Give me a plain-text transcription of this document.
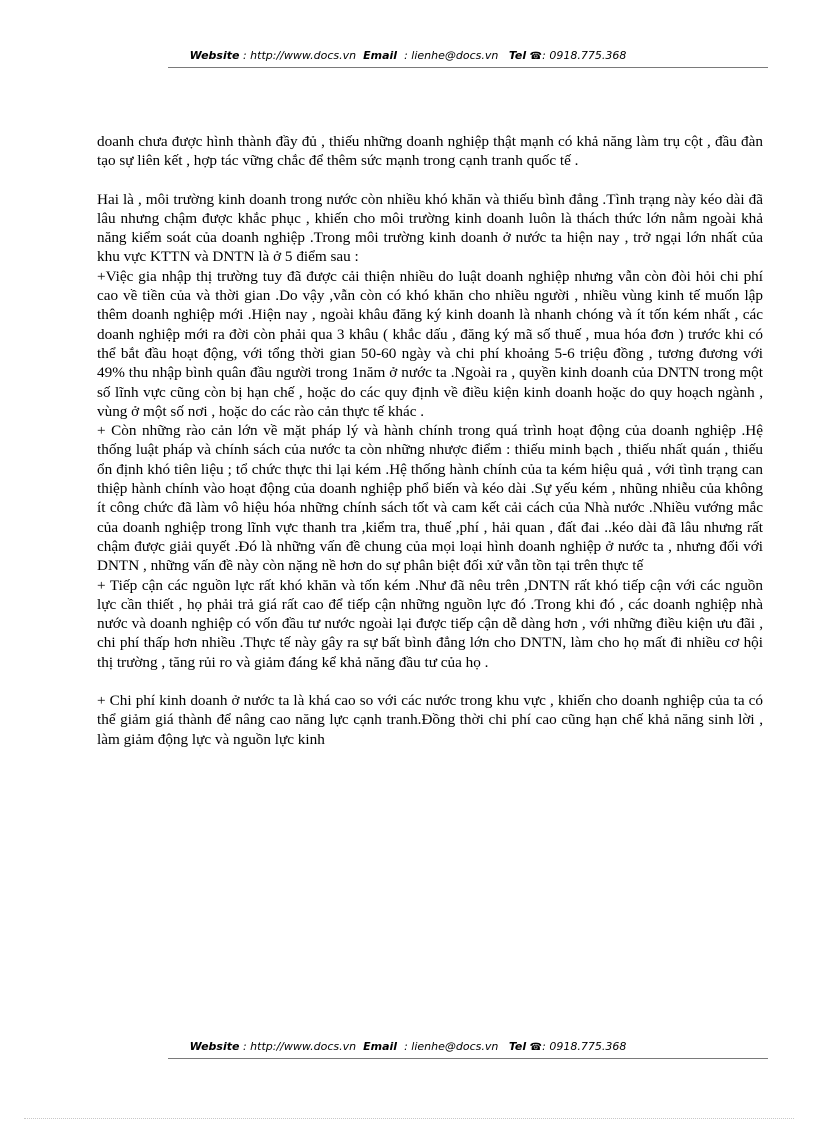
Website : http://www.docs.vn Email : lienhe@docs.vn Tel ☎: 0918.775.368

doanh chưa được hình thành đầy đủ , thiếu những doanh nghiệp thật mạnh có khả năng làm trụ cột , đầu đàn tạo sự liên kết , hợp tác vững chắc để thêm sức mạnh trong cạnh tranh quốc tế .

Hai là , môi trường kinh doanh trong nước còn nhiều khó khăn và thiếu bình đẳng .Tình trạng này kéo dài đã lâu nhưng chậm được khắc phục , khiến cho môi trường kinh doanh luôn là thách thức lớn nằm ngoài khả năng kiểm soát của doanh nghiệp .Trong môi trường kinh doanh ở nước ta hiện nay , trở ngại lớn nhất của khu vực KTTN và DNTN là ở 5 điểm sau :

+Việc gia nhập thị trường tuy đã được cải thiện nhiều do luật doanh nghiệp nhưng vẫn còn đòi hỏi chi phí cao về tiền của và thời gian .Do vậy ,vẫn còn có khó khăn cho nhiều người , nhiều vùng kinh tế muốn lập thêm doanh nghiệp mới .Hiện nay , ngoài khâu đăng ký kinh doanh là nhanh chóng và ít tốn kém nhất , các doanh nghiệp mới ra đời còn phải qua 3 khâu ( khắc dấu , đăng ký mã số thuế , mua hóa đơn ) trước khi có thể bắt đầu hoạt động, với tổng thời gian 50-60 ngày và chi phí khoảng 5-6 triệu đồng , tương đương với 49% thu nhập bình quân đầu người trong 1năm ở nước ta .Ngoài ra , quyền kinh doanh của DNTN trong một số lĩnh vực cũng còn bị hạn chế , hoặc do các quy định về điều kiện kinh doanh hoặc do quy hoạch ngành , vùng ở một số nơi , hoặc do các rào cản thực tế khác .

+ Còn những rào cản lớn về mặt pháp lý và hành chính trong quá trình hoạt động của doanh nghiệp .Hệ thống luật pháp và chính sách của nước ta còn những nhược điểm : thiếu minh bạch , thiếu nhất quán , thiếu ổn định khó tiên liệu ; tổ chức thực thi lại kém .Hệ thống hành chính của ta kém hiệu quả , với tình trạng can thiệp hành chính vào hoạt động của doanh nghiệp phổ biến và kéo dài .Sự yếu kém , nhũng nhiễu của không ít công chức đã làm vô hiệu hóa những chính sách tốt và cam kết cải cách của Nhà nước .Nhiều vướng mắc của doanh nghiệp trong lĩnh vực thanh tra ,kiểm tra, thuế ,phí , hải quan , đất đai ..kéo dài đã lâu nhưng rất chậm được giải quyết .Đó là những vấn đề chung của mọi loại hình doanh nghiệp ở nước ta , nhưng đối với DNTN , những vấn đề này còn nặng nề hơn do sự phân biệt đối xử vẫn tồn tại trên thực tế

+ Tiếp cận các nguồn lực rất khó khăn và tốn kém .Như đã nêu trên ,DNTN rất khó tiếp cận với các nguồn lực cần thiết , họ phải trả giá rất cao để tiếp cận những nguồn lực đó .Trong khi đó , các doanh nghiệp nhà nước và doanh nghiệp có vốn đầu tư nước ngoài lại được tiếp cận dễ dàng hơn , với những điều kiện ưu đãi , chi phí thấp hơn nhiều .Thực tế này gây ra sự bất bình đẳng lớn cho DNTN, làm cho họ mất đi nhiều cơ hội thị trường , tăng rủi ro và giảm đáng kể khả năng đầu tư của họ .

+ Chi phí kinh doanh ở nước ta là khá cao so với các nước trong khu vực , khiến cho doanh nghiệp của ta có thể giảm giá thành để nâng cao năng lực cạnh tranh.Đồng thời chi phí cao cũng hạn chế khả năng sinh lời , làm giảm động lực và nguồn lực kinh

Website : http://www.docs.vn Email : lienhe@docs.vn Tel ☎: 0918.775.368
